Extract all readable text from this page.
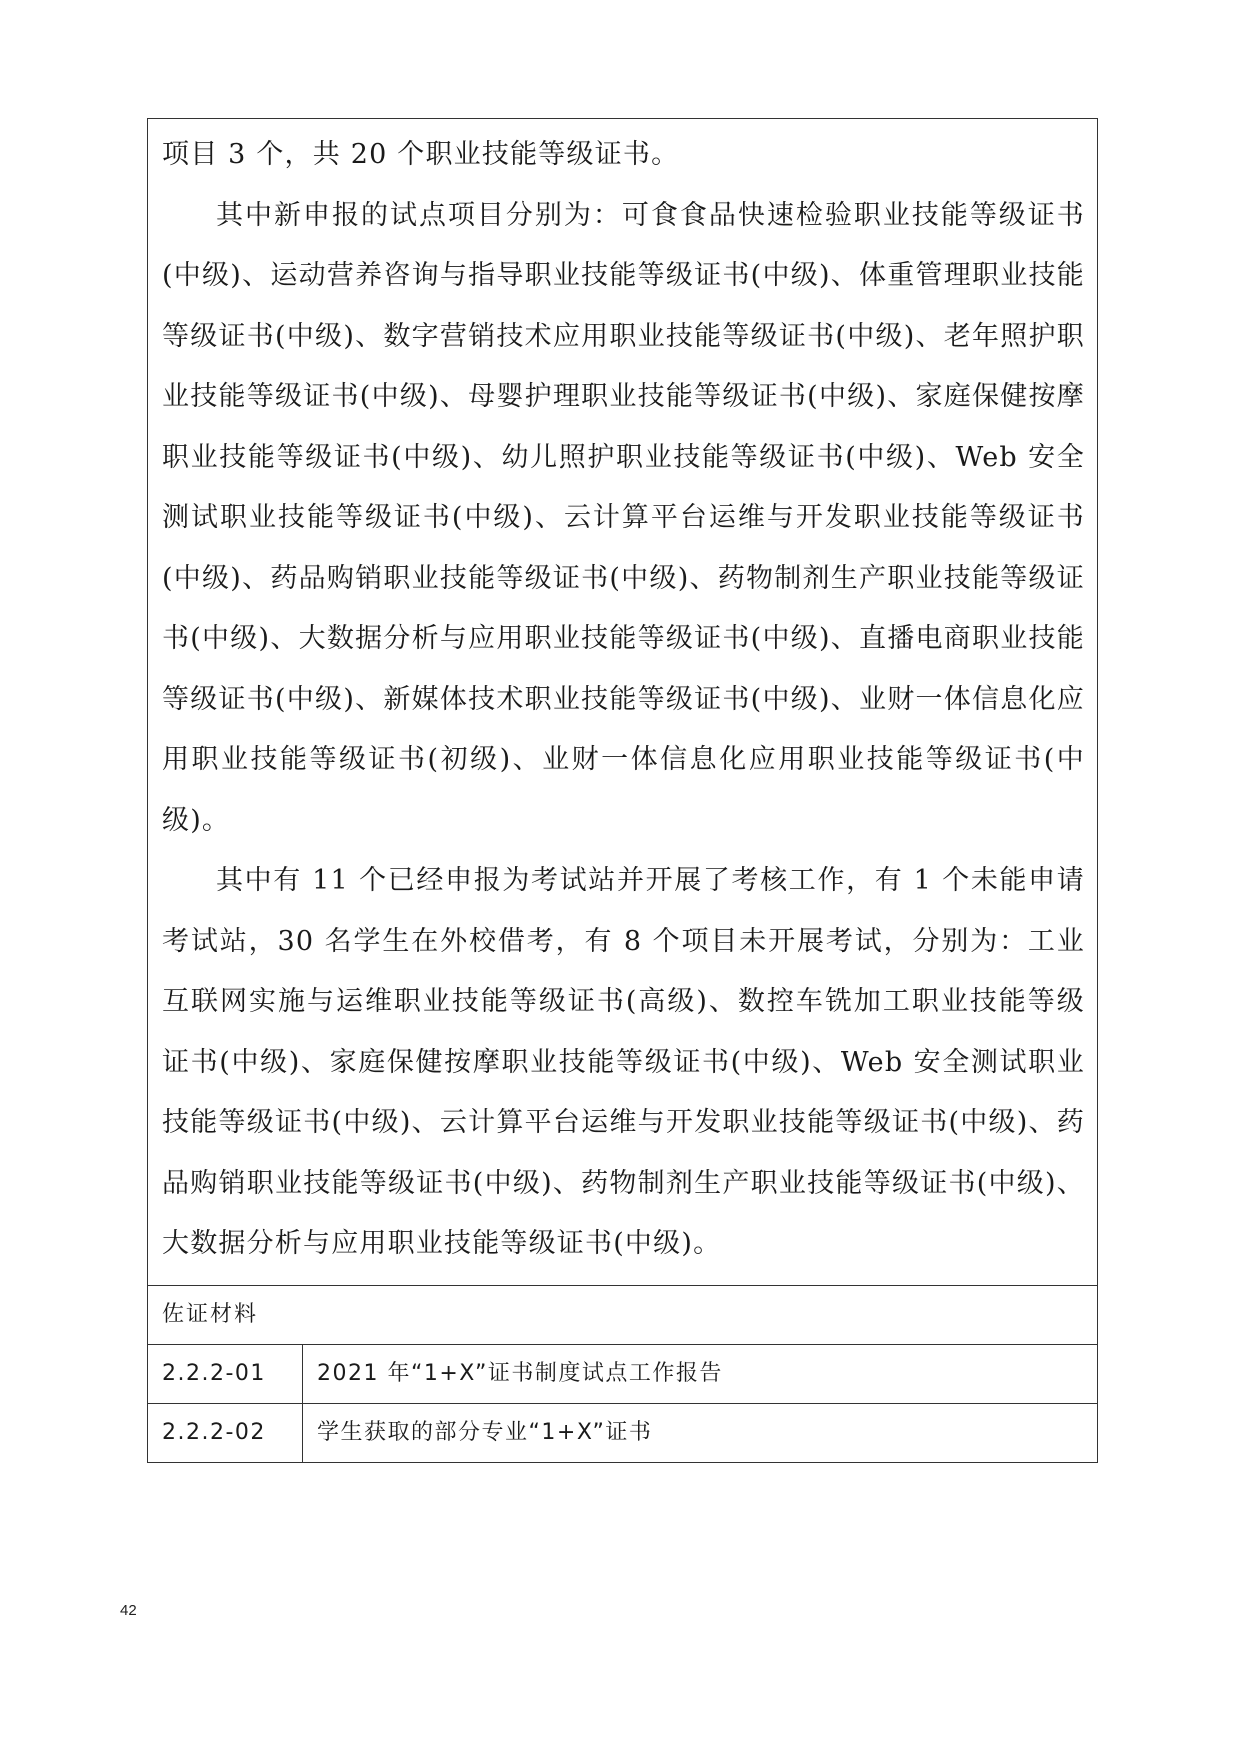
项目 3 个，共 20 个职业技能等级证书。

其中新申报的试点项目分别为：可食食品快速检验职业技能等级证书(中级)、运动营养咨询与指导职业技能等级证书(中级)、体重管理职业技能等级证书(中级)、数字营销技术应用职业技能等级证书(中级)、老年照护职业技能等级证书(中级)、母婴护理职业技能等级证书(中级)、家庭保健按摩职业技能等级证书(中级)、幼儿照护职业技能等级证书(中级)、Web 安全测试职业技能等级证书(中级)、云计算平台运维与开发职业技能等级证书(中级)、药品购销职业技能等级证书(中级)、药物制剂生产职业技能等级证书(中级)、大数据分析与应用职业技能等级证书(中级)、直播电商职业技能等级证书(中级)、新媒体技术职业技能等级证书(中级)、业财一体信息化应用职业技能等级证书(初级)、业财一体信息化应用职业技能等级证书(中级)。

其中有 11 个已经申报为考试站并开展了考核工作，有 1 个未能申请考试站，30 名学生在外校借考，有 8 个项目未开展考试，分别为：工业互联网实施与运维职业技能等级证书(高级)、数控车铣加工职业技能等级证书(中级)、家庭保健按摩职业技能等级证书(中级)、Web 安全测试职业技能等级证书(中级)、云计算平台运维与开发职业技能等级证书(中级)、药品购销职业技能等级证书(中级)、药物制剂生产职业技能等级证书(中级)、大数据分析与应用职业技能等级证书(中级)。

佐证材料
2.2.2-01	2021 年“1+X”证书制度试点工作报告
2.2.2-02	学生获取的部分专业“1+X”证书
42
